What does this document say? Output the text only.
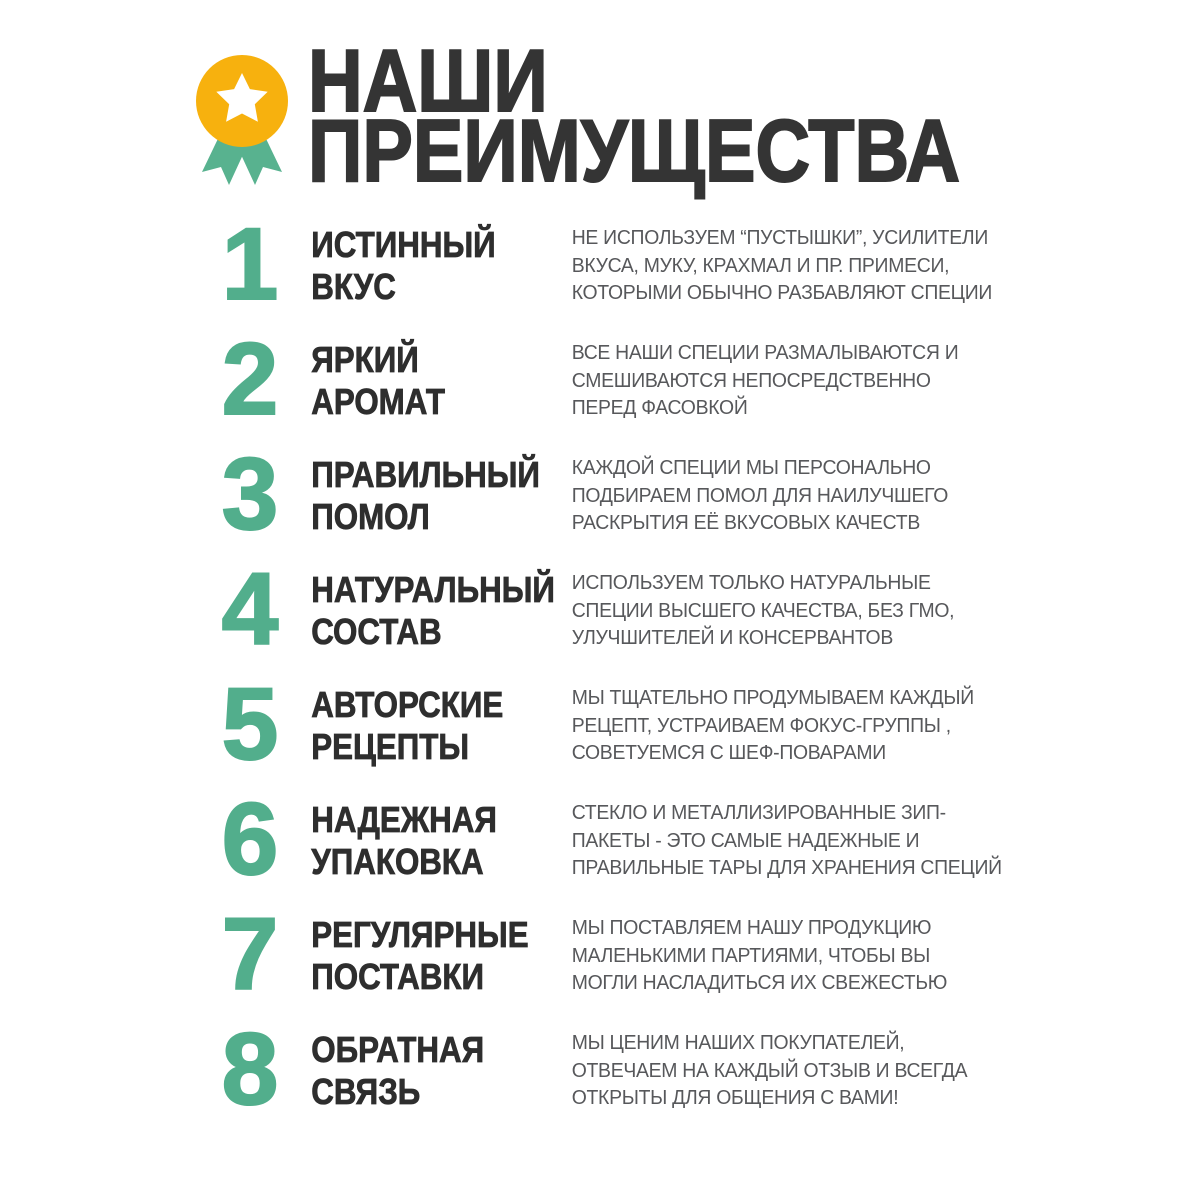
НАШИ
ПРЕИМУЩЕСТВА
1 ИСТИННЫЙ
ВКУС
НЕ ИСПОЛЬЗУЕМ “ПУСТЫШКИ”, УСИЛИТЕЛИ
ВКУСА, МУКУ, КРАХМАЛ И ПР. ПРИМЕСИ,
КОТОРЫМИ ОБЫЧНО РАЗБАВЛЯЮТ СПЕЦИИ
2 ЯРКИЙ
АРОМАТ
ВСЕ НАШИ СПЕЦИИ РАЗМАЛЫВАЮТСЯ И
СМЕШИВАЮТСЯ НЕПОСРЕДСТВЕННО
ПЕРЕД ФАСОВКОЙ
3 ПРАВИЛЬНЫЙ
ПОМОЛ
КАЖДОЙ СПЕЦИИ МЫ ПЕРСОНАЛЬНО
ПОДБИРАЕМ ПОМОЛ ДЛЯ НАИЛУЧШЕГО
РАСКРЫТИЯ ЕЁ ВКУСОВЫХ КАЧЕСТВ
4 НАТУРАЛЬНЫЙ
СОСТАВ
ИСПОЛЬЗУЕМ ТОЛЬКО НАТУРАЛЬНЫЕ
СПЕЦИИ ВЫСШЕГО КАЧЕСТВА, БЕЗ ГМО,
УЛУЧШИТЕЛЕЙ И КОНСЕРВАНТОВ
5 АВТОРСКИЕ
РЕЦЕПТЫ
МЫ ТЩАТЕЛЬНО ПРОДУМЫВАЕМ КАЖДЫЙ
РЕЦЕПТ, УСТРАИВАЕМ ФОКУС-ГРУППЫ ,
СОВЕТУЕМСЯ С ШЕФ-ПОВАРАМИ
6 НАДЕЖНАЯ
УПАКОВКА
СТЕКЛО И МЕТАЛЛИЗИРОВАННЫЕ ЗИП-
ПАКЕТЫ - ЭТО САМЫЕ НАДЕЖНЫЕ И
ПРАВИЛЬНЫЕ ТАРЫ ДЛЯ ХРАНЕНИЯ СПЕЦИЙ
7 РЕГУЛЯРНЫЕ
ПОСТАВКИ
МЫ ПОСТАВЛЯЕМ НАШУ ПРОДУКЦИЮ
МАЛЕНЬКИМИ ПАРТИЯМИ, ЧТОБЫ ВЫ
МОГЛИ НАСЛАДИТЬСЯ ИХ СВЕЖЕСТЬЮ
8 ОБРАТНАЯ
СВЯЗЬ
МЫ ЦЕНИМ НАШИХ ПОКУПАТЕЛЕЙ,
ОТВЕЧАЕМ НА КАЖДЫЙ ОТЗЫВ И ВСЕГДА
ОТКРЫТЫ ДЛЯ ОБЩЕНИЯ С ВАМИ!
